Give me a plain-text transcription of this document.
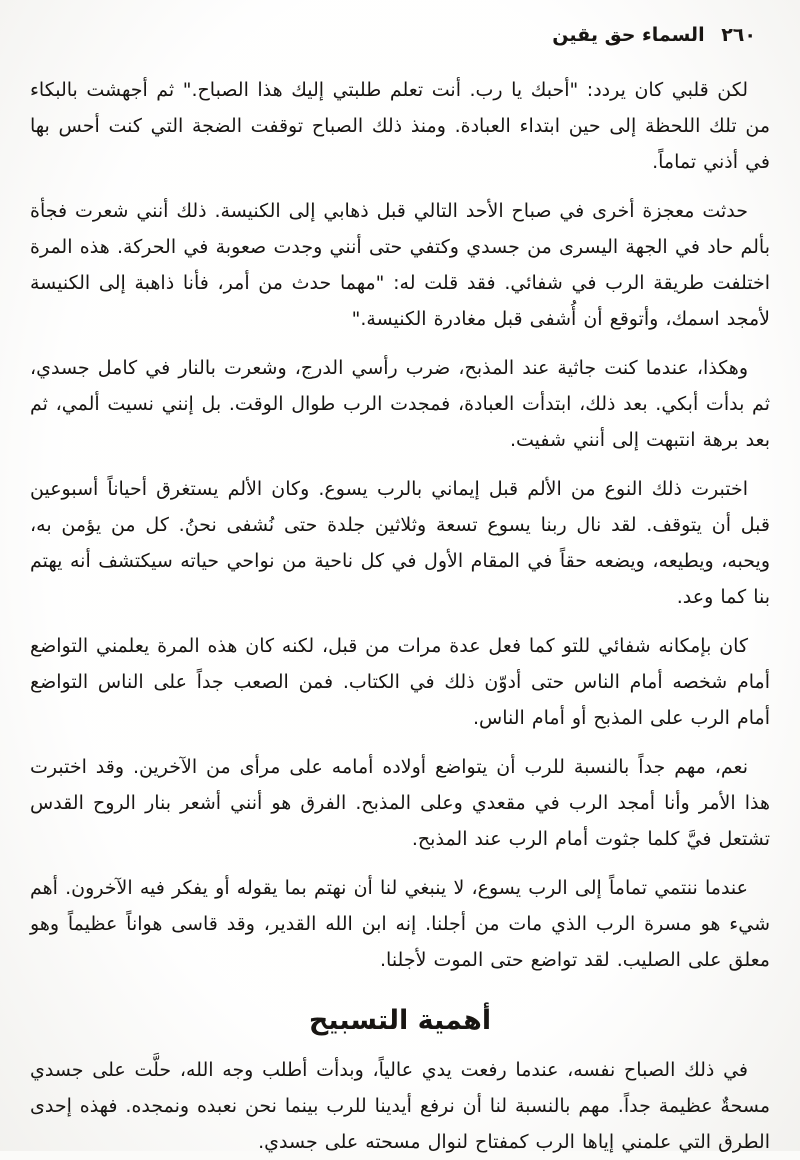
٢٦٠ السماء حق يقين

لكن قلبي كان يردد: "أحبك يا رب. أنت تعلم طلبتي إليك هذا الصباح." ثم أجهشت بالبكاء من تلك اللحظة إلى حين ابتداء العبادة. ومنذ ذلك الصباح توقفت الضجة التي كنت أحس بها في أذني تماماً.

حدثت معجزة أخرى في صباح الأحد التالي قبل ذهابي إلى الكنيسة. ذلك أنني شعرت فجأة بألم حاد في الجهة اليسرى من جسدي وكتفي حتى أنني وجدت صعوبة في الحركة. هذه المرة اختلفت طريقة الرب في شفائي. فقد قلت له: "مهما حدث من أمر، فأنا ذاهبة إلى الكنيسة لأمجد اسمك، وأتوقع أن أُشفى قبل مغادرة الكنيسة."

وهكذا، عندما كنت جاثية عند المذبح، ضرب رأسي الدرج، وشعرت بالنار في كامل جسدي، ثم بدأت أبكي. بعد ذلك، ابتدأت العبادة، فمجدت الرب طوال الوقت. بل إنني نسيت ألمي، ثم بعد برهة انتبهت إلى أنني شفيت.

اختبرت ذلك النوع من الألم قبل إيماني بالرب يسوع. وكان الألم يستغرق أحياناً أسبوعين قبل أن يتوقف. لقد نال ربنا يسوع تسعة وثلاثين جلدة حتى نُشفى نحنُ. كل من يؤمن به، ويحبه، ويطيعه، ويضعه حقاً في المقام الأول في كل ناحية من نواحي حياته سيكتشف أنه يهتم بنا كما وعد.

كان بإمكانه شفائي للتو كما فعل عدة مرات من قبل، لكنه كان هذه المرة يعلمني التواضع أمام شخصه أمام الناس حتى أدوّن ذلك في الكتاب. فمن الصعب جداً على الناس التواضع أمام الرب على المذبح أو أمام الناس.

نعم، مهم جداً بالنسبة للرب أن يتواضع أولاده أمامه على مرأى من الآخرين. وقد اختبرت هذا الأمر وأنا أمجد الرب في مقعدي وعلى المذبح. الفرق هو أنني أشعر بنار الروح القدس تشتعل فيَّ كلما جثوت أمام الرب عند المذبح.

عندما ننتمي تماماً إلى الرب يسوع، لا ينبغي لنا أن نهتم بما يقوله أو يفكر فيه الآخرون. أهم شيء هو مسرة الرب الذي مات من أجلنا. إنه ابن الله القدير، وقد قاسى هواناً عظيماً وهو معلق على الصليب. لقد تواضع حتى الموت لأجلنا.

أهمية التسبيح

في ذلك الصباح نفسه، عندما رفعت يدي عالياً، وبدأت أطلب وجه الله، حلَّت على جسدي مسحةٌ عظيمة جداً. مهم بالنسبة لنا أن نرفع أيدينا للرب بينما نحن نعبده ونمجده. فهذه إحدى الطرق التي علمني إياها الرب كمفتاح لنوال مسحته على جسدي.
